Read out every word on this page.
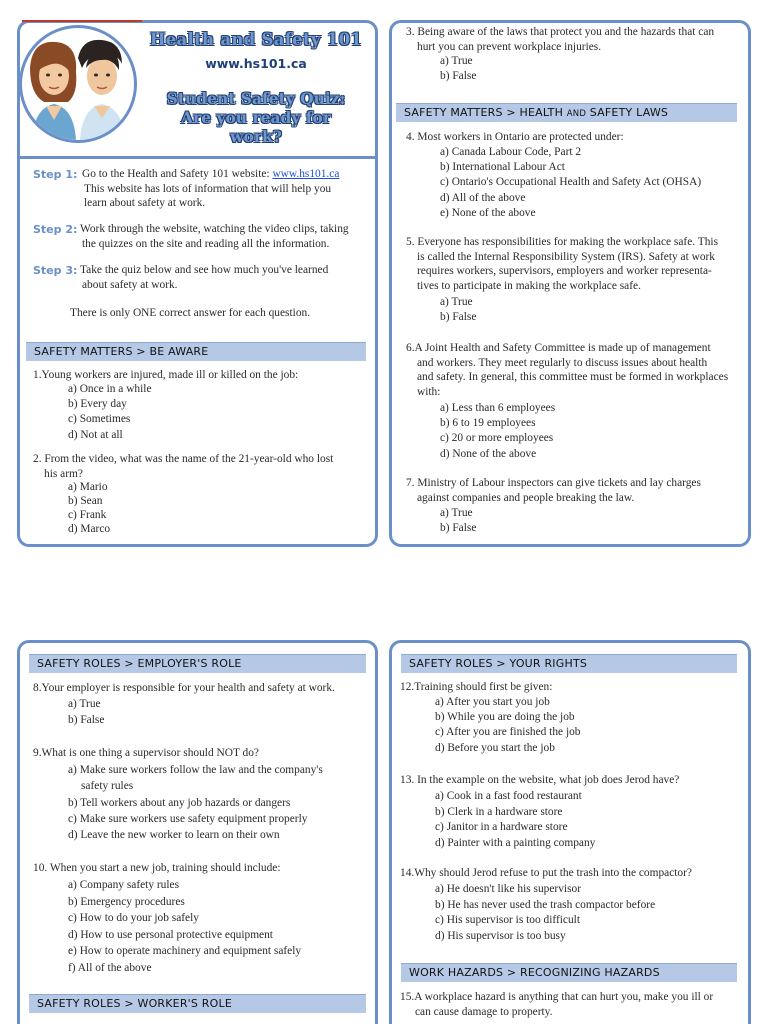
Health and Safety 101
www.hs101.ca
Student Safety Quiz:
Are you ready for
work?
Step 1: Go to the Health and Safety 101 website: www.hs101.ca
This website has lots of information that will help you
learn about safety at work.
Step 2: Work through the website, watching the video clips, taking
the quizzes on the site and reading all the information.
Step 3: Take the quiz below and see how much you've learned
about safety at work.
There is only ONE correct answer for each question.
SAFETY MATTERS > BE AWARE
1.Young workers are injured, made ill or killed on the job:
a) Once in a while
b) Every day
c) Sometimes
d) Not at all
2. From the video, what was the name of the 21-year-old who lost
his arm?
a) Mario
b) Sean
c) Frank
d) Marco
3. Being aware of the laws that protect you and the hazards that can
hurt you can prevent workplace injuries.
a) True
b) False
SAFETY MATTERS > HEALTH AND SAFETY LAWS
4. Most workers in Ontario are protected under:
a) Canada Labour Code, Part 2
b) International Labour Act
c) Ontario's Occupational Health and Safety Act (OHSA)
d) All of the above
e) None of the above
5. Everyone has responsibilities for making the workplace safe. This
is called the Internal Responsibility System (IRS). Safety at work
requires workers, supervisors, employers and worker representa-
tives to participate in making the workplace safe.
a) True
b) False
6.A Joint Health and Safety Committee is made up of management
and workers. They meet regularly to discuss issues about health
and safety. In general, this committee must be formed in workplaces
with:
a) Less than 6 employees
b) 6 to 19 employees
c) 20 or more employees
d) None of the above
7. Ministry of Labour inspectors can give tickets and lay charges
against companies and people breaking the law.
a) True
b) False
SAFETY ROLES > EMPLOYER'S ROLE
8.Your employer is responsible for your health and safety at work.
a) True
b) False
9.What is one thing a supervisor should NOT do?
a) Make sure workers follow the law and the company's
safety rules
b) Tell workers about any job hazards or dangers
c) Make sure workers use safety equipment properly
d) Leave the new worker to learn on their own
10. When you start a new job, training should include:
a) Company safety rules
b) Emergency procedures
c) How to do your job safely
d) How to use personal protective equipment
e) How to operate machinery and equipment safely
f) All of the above
SAFETY ROLES > WORKER'S ROLE
SAFETY ROLES > YOUR RIGHTS
12.Training should first be given:
a) After you start you job
b) While you are doing the job
c) After you are finished the job
d) Before you start the job
13. In the example on the website, what job does Jerod have?
a) Cook in a fast food restaurant
b) Clerk in a hardware store
c) Janitor in a hardware store
d) Painter with a painting company
14.Why should Jerod refuse to put the trash into the compactor?
a) He doesn't like his supervisor
b) He has never used the trash compactor before
c) His supervisor is too difficult
d) His supervisor is too busy
WORK HAZARDS > RECOGNIZING HAZARDS
15.A workplace hazard is anything that can hurt you, make you ill or
can cause damage to property.
